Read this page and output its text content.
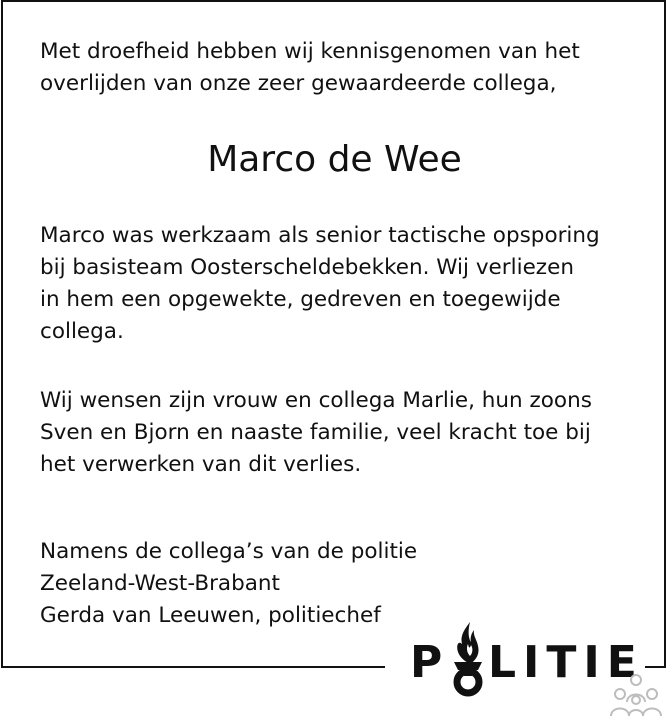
Met droefheid hebben wij kennisgenomen van het
overlijden van onze zeer gewaardeerde collega,
Marco de Wee
Marco was werkzaam als senior tactische opsporing
bij basisteam Oosterscheldebekken. Wij verliezen
in hem een opgewekte, gedreven en toegewijde
collega.
Wij wensen zijn vrouw en collega Marlie, hun zoons
Sven en Bjorn en naaste familie, veel kracht toe bij
het verwerken van dit verlies.
Namens de collega’s van de politie
Zeeland-West-Brabant
Gerda van Leeuwen, politiechef
P LITIE
